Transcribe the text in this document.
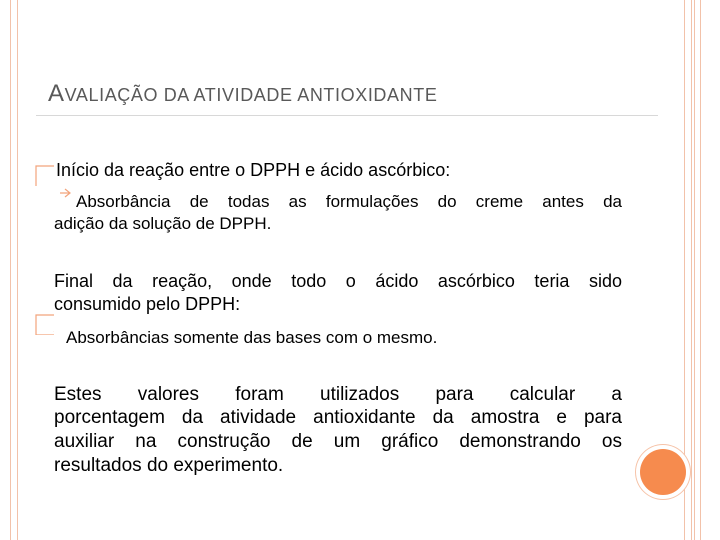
AVALIAÇÃO DA ATIVIDADE ANTIOXIDANTE
Início da reação entre o DPPH e ácido ascórbico:
Absorbância de todas as formulações do creme antes da
adição da solução de DPPH.
Final da reação, onde todo o ácido ascórbico teria sido
consumido pelo DPPH:
Absorbâncias somente das bases com o mesmo.
Estes valores foram utilizados para calcular a
porcentagem da atividade antioxidante da amostra e para
auxiliar na construção de um gráfico demonstrando os
resultados do experimento.
